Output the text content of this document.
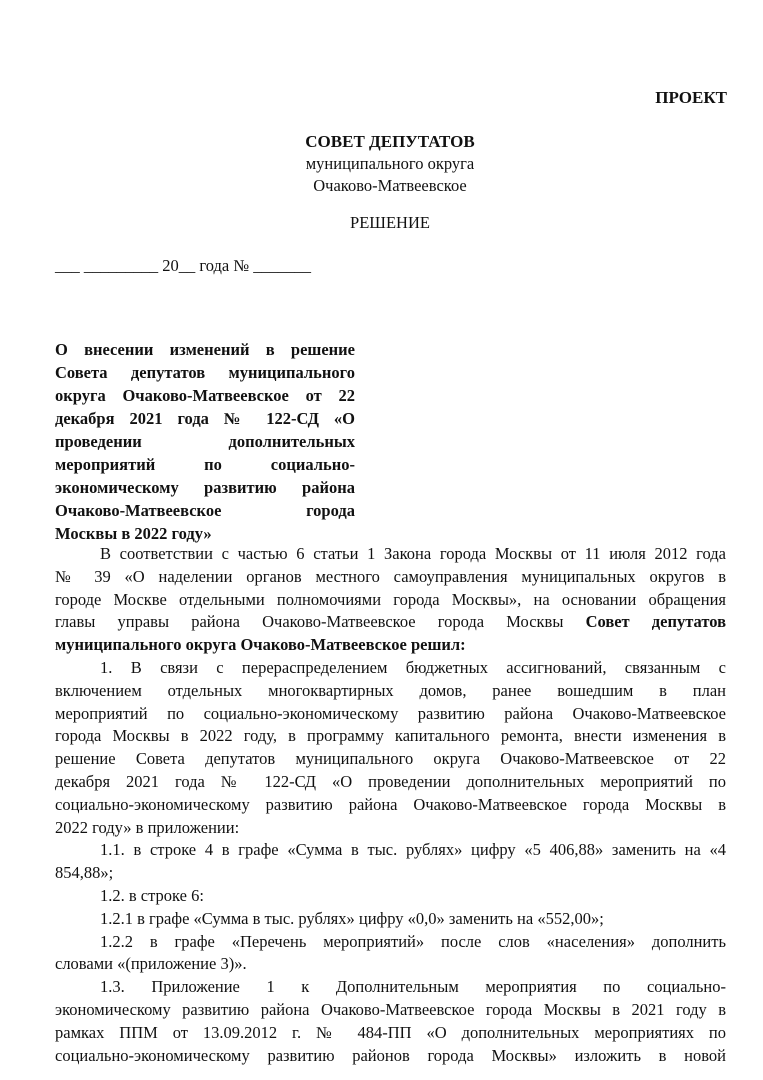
ПРОЕКТ
СОВЕТ ДЕПУТАТОВ
муниципального округа
Очаково-Матвеевское
РЕШЕНИЕ
___ _________ 20__ года № _______
О внесении изменений в решение
Совета депутатов муниципального
округа Очаково-Матвеевское от 22
декабря 2021 года № 122-СД «О
проведении дополнительных
мероприятий по социально-
экономическому развитию района
Очаково-Матвеевское города
Москвы в 2022 году»
В соответствии с частью 6 статьи 1 Закона города Москвы от 11 июля 2012 года
№ 39 «О наделении органов местного самоуправления муниципальных округов в
городе Москве отдельными полномочиями города Москвы», на основании обращения
главы управы района Очаково-Матвеевское города Москвы Совет депутатов
муниципального округа Очаково-Матвеевское решил:
1. В связи с перераспределением бюджетных ассигнований, связанным с
включением отдельных многоквартирных домов, ранее вошедшим в план
мероприятий по социально-экономическому развитию района Очаково-Матвеевское
города Москвы в 2022 году, в программу капитального ремонта, внести изменения в
решение Совета депутатов муниципального округа Очаково-Матвеевское от 22
декабря 2021 года № 122-СД «О проведении дополнительных мероприятий по
социально-экономическому развитию района Очаково-Матвеевское города Москвы в
2022 году» в приложении:
1.1. в строке 4 в графе «Сумма в тыс. рублях» цифру «5 406,88» заменить на «4
854,88»;
1.2. в строке 6:
1.2.1 в графе «Сумма в тыс. рублях» цифру «0,0» заменить на «552,00»;
1.2.2 в графе «Перечень мероприятий» после слов «населения» дополнить
словами «(приложение 3)».
1.3. Приложение 1 к Дополнительным мероприятия по социально-
экономическому развитию района Очаково-Матвеевское города Москвы в 2021 году в
рамках ППМ от 13.09.2012 г. № 484-ПП «О дополнительных мероприятиях по
социально-экономическому развитию районов города Москвы» изложить в новой
